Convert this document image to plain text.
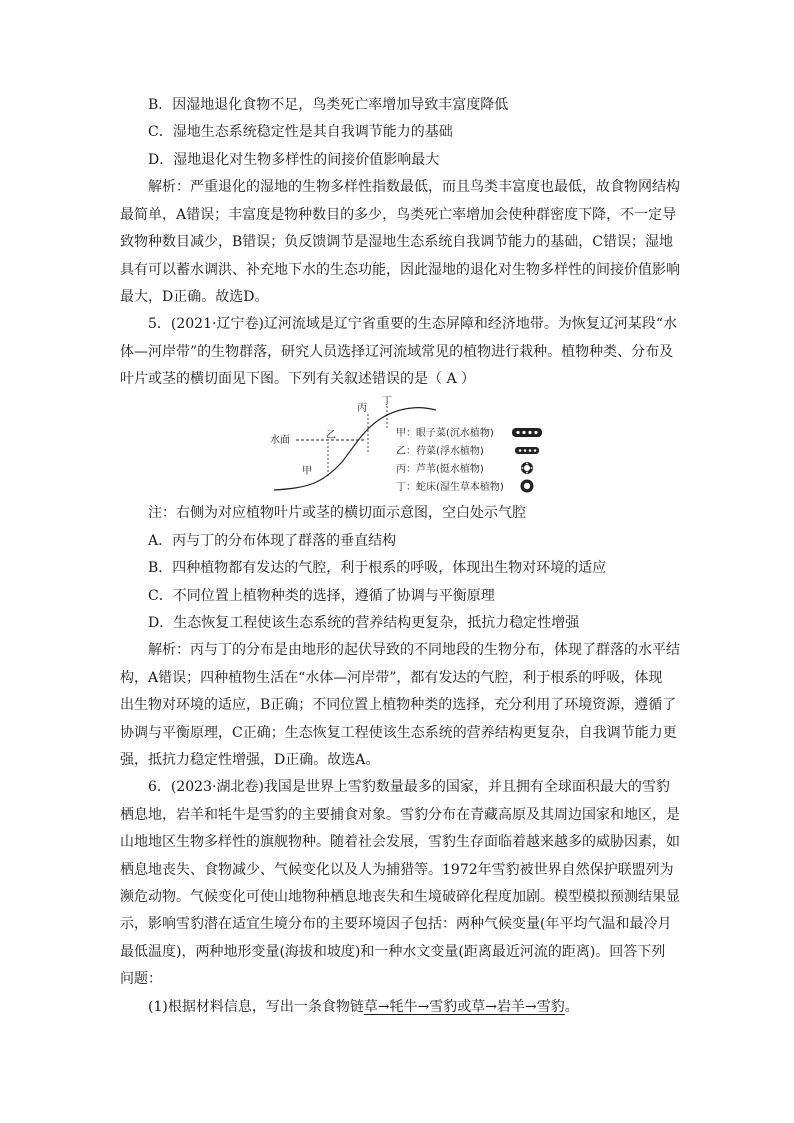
B．因湿地退化食物不足，鸟类死亡率增加导致丰富度降低
C．湿地生态系统稳定性是其自我调节能力的基础
D．湿地退化对生物多样性的间接价值影响最大
解析：严重退化的湿地的生物多样性指数最低，而且鸟类丰富度也最低，故食物网结构
最简单，A错误；丰富度是物种数目的多少，鸟类死亡率增加会使种群密度下降，不一定导
致物种数目减少，B错误；负反馈调节是湿地生态系统自我调节能力的基础，C错误；湿地
具有可以蓄水调洪、补充地下水的生态功能，因此湿地的退化对生物多样性的间接价值影响
最大，D正确。故选D。
5．(2021·辽宁卷)辽河流域是辽宁省重要的生态屏障和经济地带。为恢复辽河某段“水
体—河岸带”的生物群落，研究人员选择辽河流域常见的植物进行栽种。植物种类、分布及
叶片或茎的横切面见下图。下列有关叙述错误的是（ A ）
水面
甲
乙
丙
丁
甲：眼子菜(沉水植物)
乙：荇菜(浮水植物)
丙：芦苇(挺水植物)
丁：蛇床(湿生草本植物)
注：右侧为对应植物叶片或茎的横切面示意图，空白处示气腔
A．丙与丁的分布体现了群落的垂直结构
B．四种植物都有发达的气腔，利于根系的呼吸，体现出生物对环境的适应
C．不同位置上植物种类的选择，遵循了协调与平衡原理
D．生态恢复工程使该生态系统的营养结构更复杂，抵抗力稳定性增强
解析：丙与丁的分布是由地形的起伏导致的不同地段的生物分布，体现了群落的水平结
构，A错误；四种植物生活在“水体—河岸带”，都有发达的气腔，利于根系的呼吸，体现
出生物对环境的适应，B正确；不同位置上植物种类的选择，充分利用了环境资源，遵循了
协调与平衡原理，C正确；生态恢复工程使该生态系统的营养结构更复杂，自我调节能力更
强，抵抗力稳定性增强，D正确。故选A。
6．(2023·湖北卷)我国是世界上雪豹数量最多的国家，并且拥有全球面积最大的雪豹
栖息地，岩羊和牦牛是雪豹的主要捕食对象。雪豹分布在青藏高原及其周边国家和地区，是
山地地区生物多样性的旗舰物种。随着社会发展，雪豹生存面临着越来越多的威胁因素，如
栖息地丧失、食物减少、气候变化以及人为捕猎等。1972年雪豹被世界自然保护联盟列为
濒危动物。气候变化可使山地物种栖息地丧失和生境破碎化程度加剧。模型模拟预测结果显
示，影响雪豹潜在适宜生境分布的主要环境因子包括：两种气候变量(年平均气温和最冷月
最低温度)，两种地形变量(海拔和坡度)和一种水文变量(距离最近河流的距离)。回答下列
问题：
(1)根据材料信息，写出一条食物链草→牦牛→雪豹或草→岩羊→雪豹。
